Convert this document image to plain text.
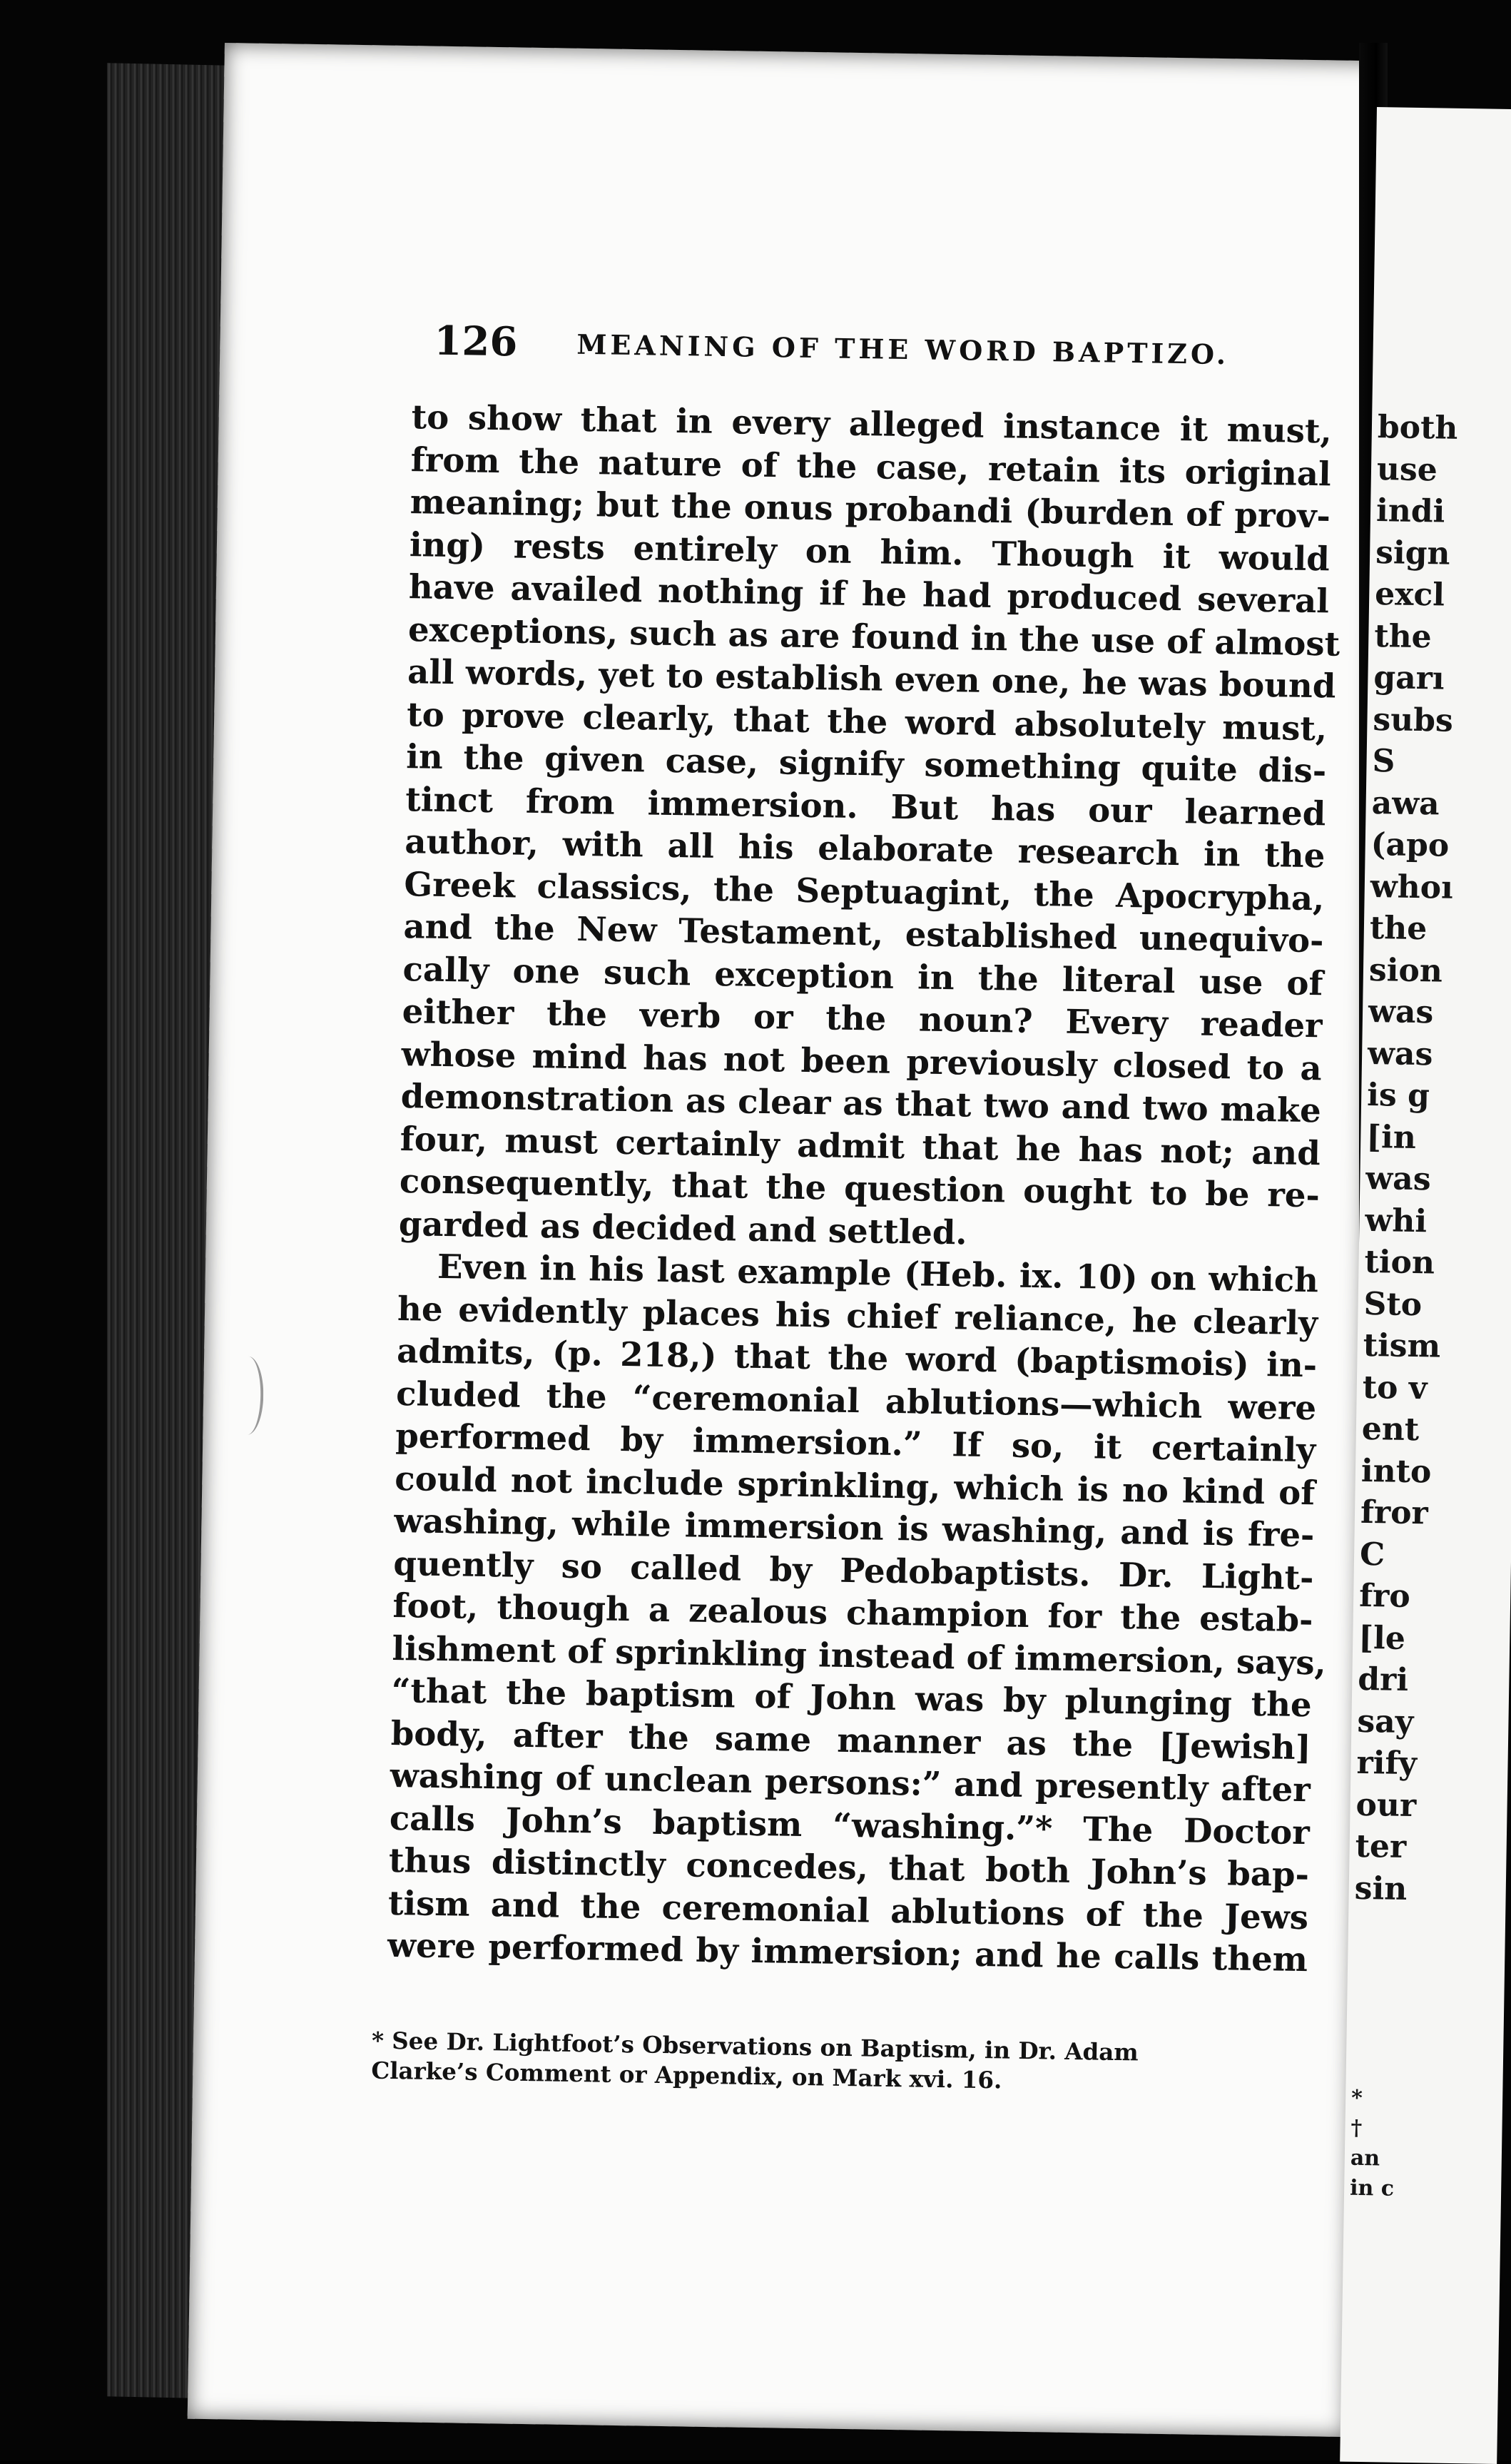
126 MEANING OF THE WORD BAPTIZO.

to show that in every alleged instance it must,
from the nature of the case, retain its original
meaning; but the onus probandi (burden of prov-
ing) rests entirely on him. Though it would
have availed nothing if he had produced several
exceptions, such as are found in the use of almost
all words, yet to establish even one, he was bound
to prove clearly, that the word absolutely must,
in the given case, signify something quite dis-
tinct from immersion. But has our learned
author, with all his elaborate research in the
Greek classics, the Septuagint, the Apocrypha,
and the New Testament, established unequivo-
cally one such exception in the literal use of
either the verb or the noun? Every reader
whose mind has not been previously closed to a
demonstration as clear as that two and two make
four, must certainly admit that he has not; and
consequently, that the question ought to be re-
garded as decided and settled.

Even in his last example (Heb. ix. 10) on which
he evidently places his chief reliance, he clearly
admits, (p. 218,) that the word (baptismois) in-
cluded the “ceremonial ablutions—which were
performed by immersion.” If so, it certainly
could not include sprinkling, which is no kind of
washing, while immersion is washing, and is fre-
quently so called by Pedobaptists. Dr. Light-
foot, though a zealous champion for the estab-
lishment of sprinkling instead of immersion, says,
“that the baptism of John was by plunging the
body, after the same manner as the [Jewish]
washing of unclean persons:” and presently after
calls John’s baptism “washing.”* The Doctor
thus distinctly concedes, that both John’s bap-
tism and the ceremonial ablutions of the Jews
were performed by immersion; and he calls them

* See Dr. Lightfoot’s Observations on Baptism, in Dr. Adam
Clarke’s Comment or Appendix, on Mark xvi. 16.
both
use
indi
sign
excl
the
garı
subs
S
awa
(apo
whoı
the
sion
was
was
is g
[in
was
whi
tion
Sto
tism
to v
ent
into
fror
C
fro
[le
dri
say
rify
our
ter
sin
*
†
an
in c
